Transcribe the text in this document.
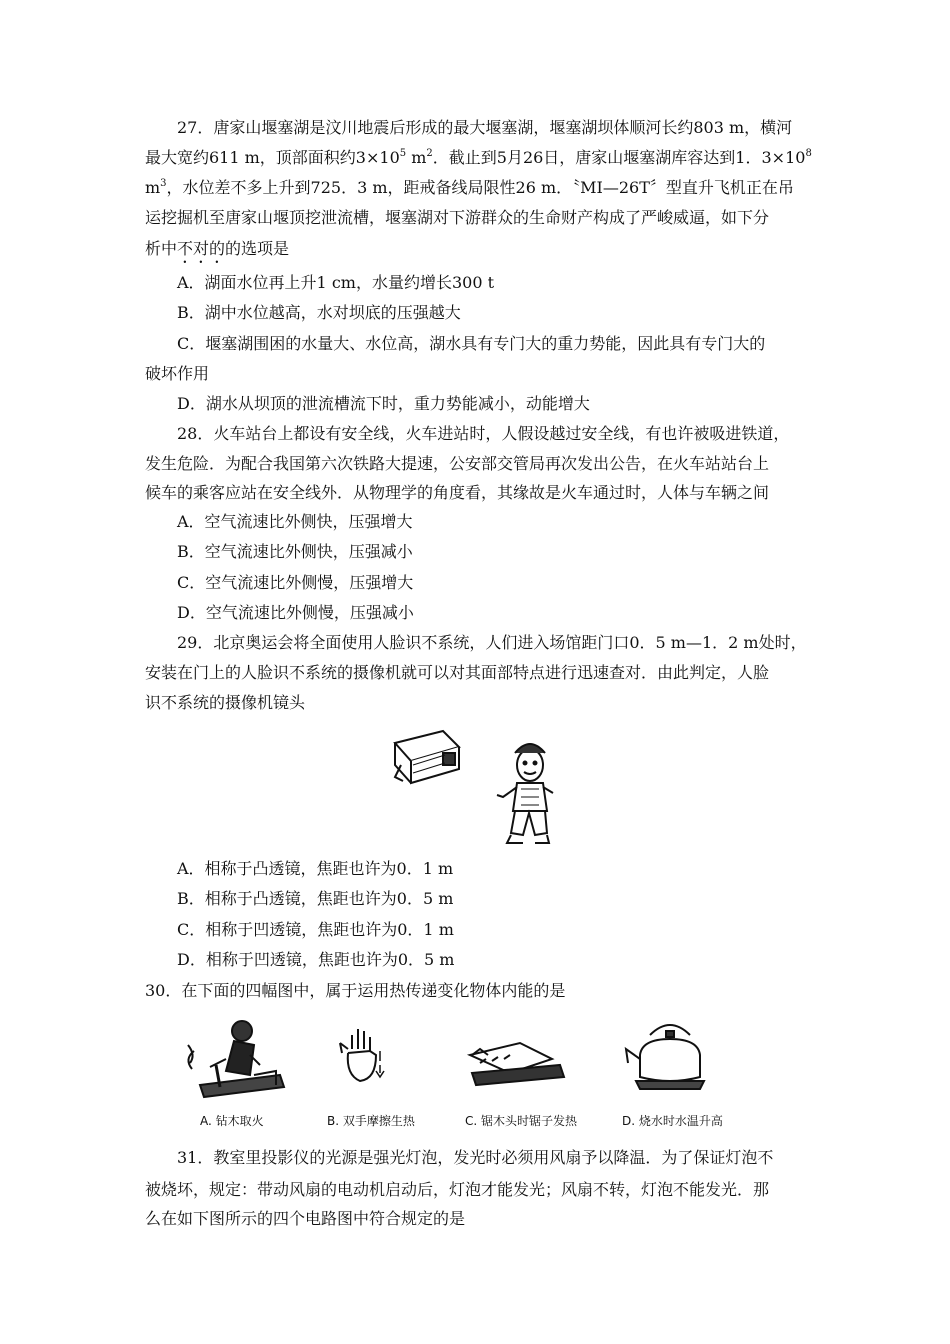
27．唐家山堰塞湖是汶川地震后形成的最大堰塞湖，堰塞湖坝体顺河长约803 m，横河
最大宽约611 m，顶部面积约$3\times 10^5$ $m^2$．截止到5月26日，唐家山堰塞湖库容达到1．$3\times 10^8$
$m^3$，水位差不多上升到725．3 m，距戒备线局限性26 m．〝MI—26T〞型直升飞机正在吊
运挖掘机至唐家山堰顶挖泄流槽，堰塞湖对下游群众的生命财产构成了严峻威逼，如下分
析中不对的的选项是
A．湖面水位再上升1 cm，水量约增长300 t
B．湖中水位越高，水对坝底的压强越大
C．堰塞湖围困的水量大、水位高，湖水具有专门大的重力势能，因此具有专门大的
破坏作用
D．湖水从坝顶的泄流槽流下时，重力势能减小，动能增大
28．火车站台上都设有安全线，火车进站时，人假设越过安全线，有也许被吸进铁道，
发生危险．为配合我国第六次铁路大提速，公安部交管局再次发出公告，在火车站站台上
候车的乘客应站在安全线外．从物理学的角度看，其缘故是火车通过时，人体与车辆之间
A．空气流速比外侧快，压强增大
B．空气流速比外侧快，压强减小
C．空气流速比外侧慢，压强增大
D．空气流速比外侧慢，压强减小
29．北京奥运会将全面使用人脸识不系统，人们进入场馆距门口0．5 m—1．2 m处时，
安装在门上的人脸识不系统的摄像机就可以对其面部特点进行迅速查对．由此判定，人脸
识不系统的摄像机镜头
A．相称于凸透镜，焦距也许为0．1 m
B．相称于凸透镜，焦距也许为0．5 m
C．相称于凹透镜，焦距也许为0．1 m
D．相称于凹透镜，焦距也许为0．5 m
30．在下面的四幅图中，属于运用热传递变化物体内能的是
A. 钻木取火	B. 双手摩擦生热	C. 锯木头时锯子发热	D. 烧水时水温升高
31．教室里投影仪的光源是强光灯泡，发光时必须用风扇予以降温．为了保证灯泡不
被烧坏，规定：带动风扇的电动机启动后，灯泡才能发光；风扇不转，灯泡不能发光．那
么在如下图所示的四个电路图中符合规定的是
